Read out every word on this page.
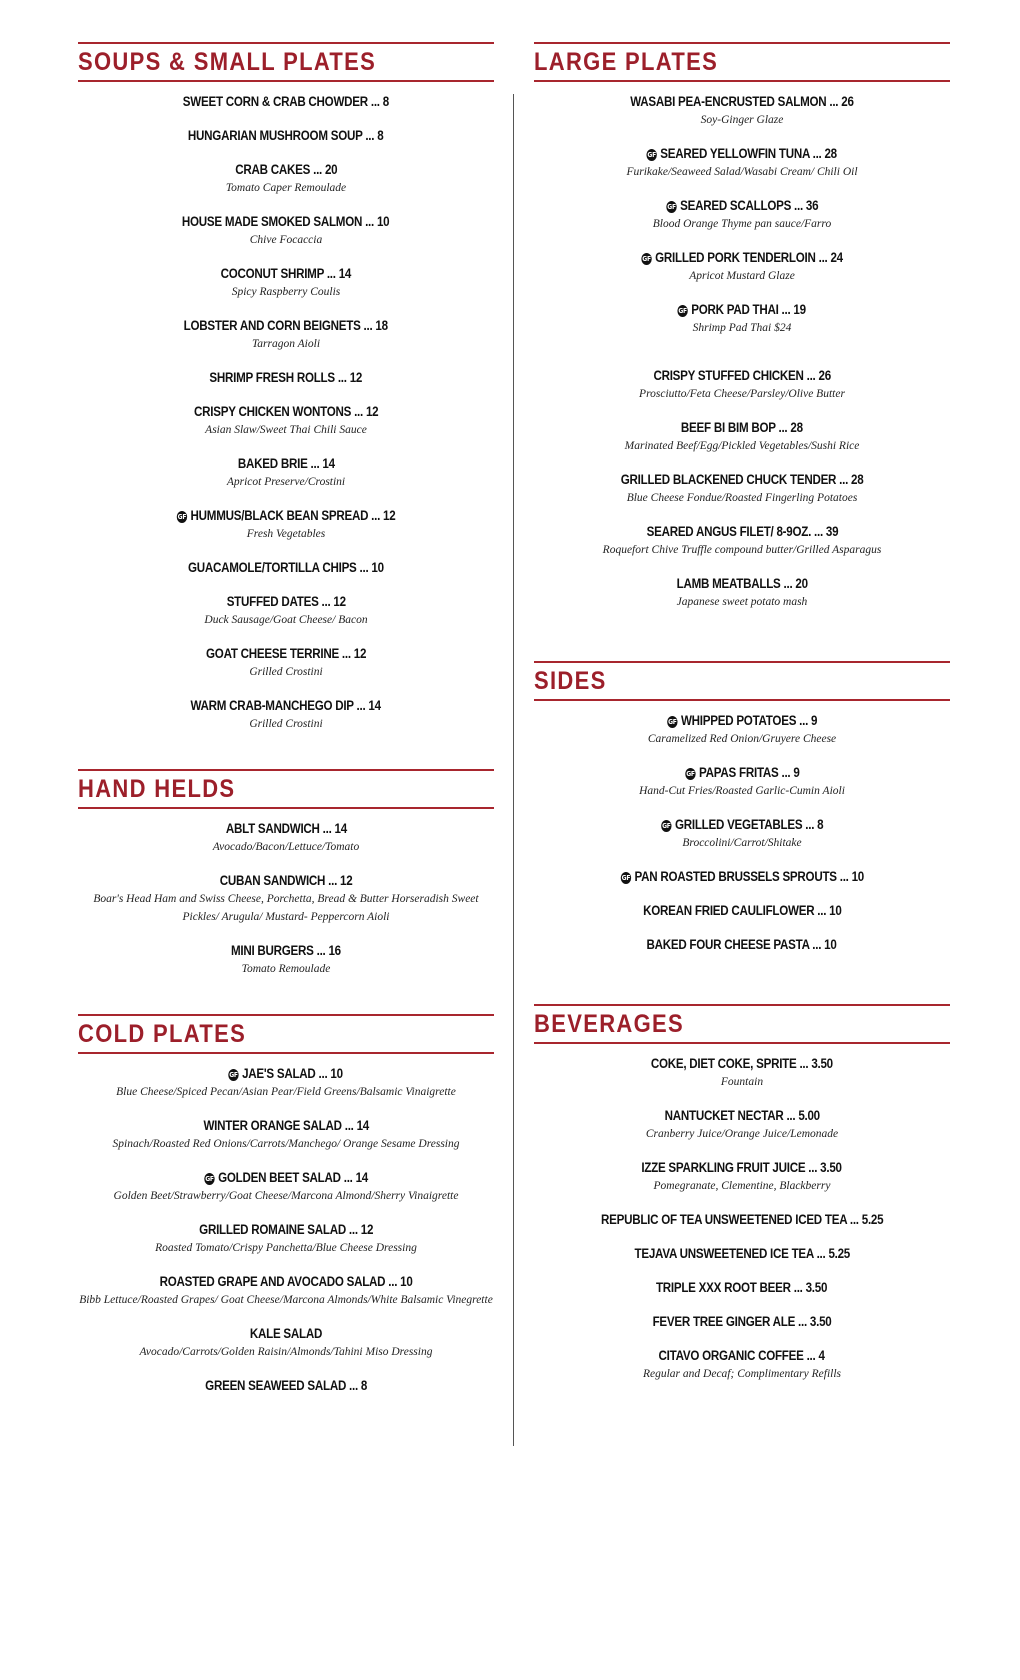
SOUPS & SMALL PLATES
SWEET CORN & CRAB CHOWDER ... 8
HUNGARIAN MUSHROOM SOUP ... 8
CRAB CAKES ... 20
Tomato Caper Remoulade
HOUSE MADE SMOKED SALMON ... 10
Chive Focaccia
COCONUT SHRIMP ... 14
Spicy Raspberry Coulis
LOBSTER AND CORN BEIGNETS ... 18
Tarragon Aioli
SHRIMP FRESH ROLLS ... 12
CRISPY CHICKEN WONTONS ... 12
Asian Slaw/Sweet Thai Chili Sauce
BAKED BRIE ... 14
Apricot Preserve/Crostini
GF HUMMUS/BLACK BEAN SPREAD ... 12
Fresh Vegetables
GUACAMOLE/TORTILLA CHIPS ... 10
STUFFED DATES ... 12
Duck Sausage/Goat Cheese/ Bacon
GOAT CHEESE TERRINE ... 12
Grilled Crostini
WARM CRAB-MANCHEGO DIP ... 14
Grilled Crostini
HAND HELDS
ABLT SANDWICH ... 14
Avocado/Bacon/Lettuce/Tomato
CUBAN SANDWICH ... 12
Boar's Head Ham and Swiss Cheese, Porchetta, Bread & Butter Horseradish Sweet Pickles/ Arugula/ Mustard- Peppercorn Aioli
MINI BURGERS ... 16
Tomato Remoulade
COLD PLATES
GF JAE'S SALAD ... 10
Blue Cheese/Spiced Pecan/Asian Pear/Field Greens/Balsamic Vinaigrette
WINTER ORANGE SALAD ... 14
Spinach/Roasted Red Onions/Carrots/Manchego/ Orange Sesame Dressing
GF GOLDEN BEET SALAD ... 14
Golden Beet/Strawberry/Goat Cheese/Marcona Almond/Sherry Vinaigrette
GRILLED ROMAINE SALAD ... 12
Roasted Tomato/Crispy Panchetta/Blue Cheese Dressing
ROASTED GRAPE AND AVOCADO SALAD ... 10
Bibb Lettuce/Roasted Grapes/ Goat Cheese/Marcona Almonds/White Balsamic Vinegrette
KALE SALAD
Avocado/Carrots/Golden Raisin/Almonds/Tahini Miso Dressing
GREEN SEAWEED SALAD ... 8
LARGE PLATES
WASABI PEA-ENCRUSTED SALMON ... 26
Soy-Ginger Glaze
GF SEARED YELLOWFIN TUNA ... 28
Furikake/Seaweed Salad/Wasabi Cream/ Chili Oil
GF SEARED SCALLOPS ... 36
Blood Orange Thyme pan sauce/Farro
GF GRILLED PORK TENDERLOIN ... 24
Apricot Mustard Glaze
GF PORK PAD THAI ... 19
Shrimp Pad Thai $24
CRISPY STUFFED CHICKEN ... 26
Prosciutto/Feta Cheese/Parsley/Olive Butter
BEEF BI BIM BOP ... 28
Marinated Beef/Egg/Pickled Vegetables/Sushi Rice
GRILLED BLACKENED CHUCK TENDER ... 28
Blue Cheese Fondue/Roasted Fingerling Potatoes
SEARED ANGUS FILET/ 8-9OZ. ... 39
Roquefort Chive Truffle compound butter/Grilled Asparagus
LAMB MEATBALLS ... 20
Japanese sweet potato mash
SIDES
GF WHIPPED POTATOES ... 9
Caramelized Red Onion/Gruyere Cheese
GF PAPAS FRITAS ... 9
Hand-Cut Fries/Roasted Garlic-Cumin Aioli
GF GRILLED VEGETABLES ... 8
Broccolini/Carrot/Shitake
GF PAN ROASTED BRUSSELS SPROUTS ... 10
KOREAN FRIED CAULIFLOWER ... 10
BAKED FOUR CHEESE PASTA ... 10
BEVERAGES
COKE, DIET COKE, SPRITE ... 3.50
Fountain
NANTUCKET NECTAR ... 5.00
Cranberry Juice/Orange Juice/Lemonade
IZZE SPARKLING FRUIT JUICE ... 3.50
Pomegranate, Clementine, Blackberry
REPUBLIC OF TEA UNSWEETENED ICED TEA ... 5.25
TEJAVA UNSWEETENED ICE TEA ... 5.25
TRIPLE XXX ROOT BEER ... 3.50
FEVER TREE GINGER ALE ... 3.50
CITAVO ORGANIC COFFEE ... 4
Regular and Decaf; Complimentary Refills
